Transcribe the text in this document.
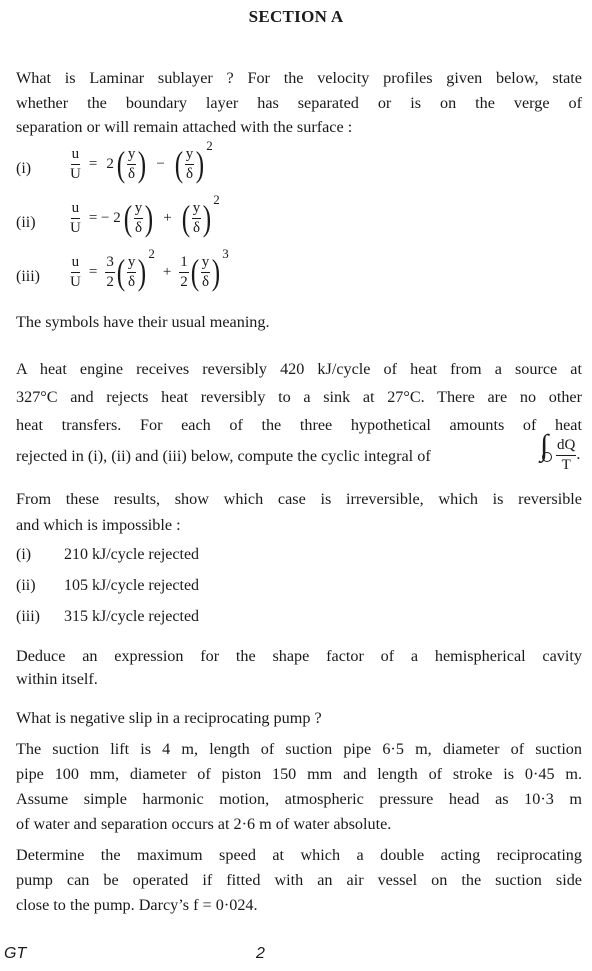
SECTION A
What is Laminar sublayer ? For the velocity profiles given below, state
whether the boundary layer has separated or is on the verge of
separation or will remain attached with the surface :
(i)	$\frac{u}{U} = 2( \frac{y}{\delta}$ ) − ( $\frac{y}{\delta}$ ) 2
$(ii) \frac{u}{U}$ = − $2( \frac{y}{\delta}$ ) + ( $\frac{y}{\delta}$ ) 2
$(iii) \frac{u}{U} = \frac{3}{2}$ ( $\frac{y}{\delta}$ ) $2 + \frac{1}{2}$ ( $\frac{y}{\delta}$ ) 3
The symbols have their usual meaning.
A heat engine receives reversibly 420 kJ/cycle of heat from a source at
327°C and rejects heat reversibly to a sink at 27°C. There are no other
heat transfers. For each of the three hypothetical amounts of heat
rejected in (i), (ii) and (iii) below, compute the cyclic integral of	∫ $\frac{dQ}{T}$ .
From these results, show which case is irreversible, which is reversible
and which is impossible :
(i) 210 kJ/cycle rejected
(ii) 105 kJ/cycle rejected
(iii) 315 kJ/cycle rejected
Deduce an expression for the shape factor of a hemispherical cavity
within itself.
What is negative slip in a reciprocating pump ?
The suction lift is 4 m, length of suction pipe 6·5 m, diameter of suction
pipe 100 mm, diameter of piston 150 mm and length of stroke is 0·45 m.
Assume simple harmonic motion, atmospheric pressure head as 10·3 m
of water and separation occurs at 2·6 m of water absolute.
Determine the maximum speed at which a double acting reciprocating
pump can be operated if fitted with an air vessel on the suction side
close to the pump. Darcy’s f = 0·024.
GT	2
